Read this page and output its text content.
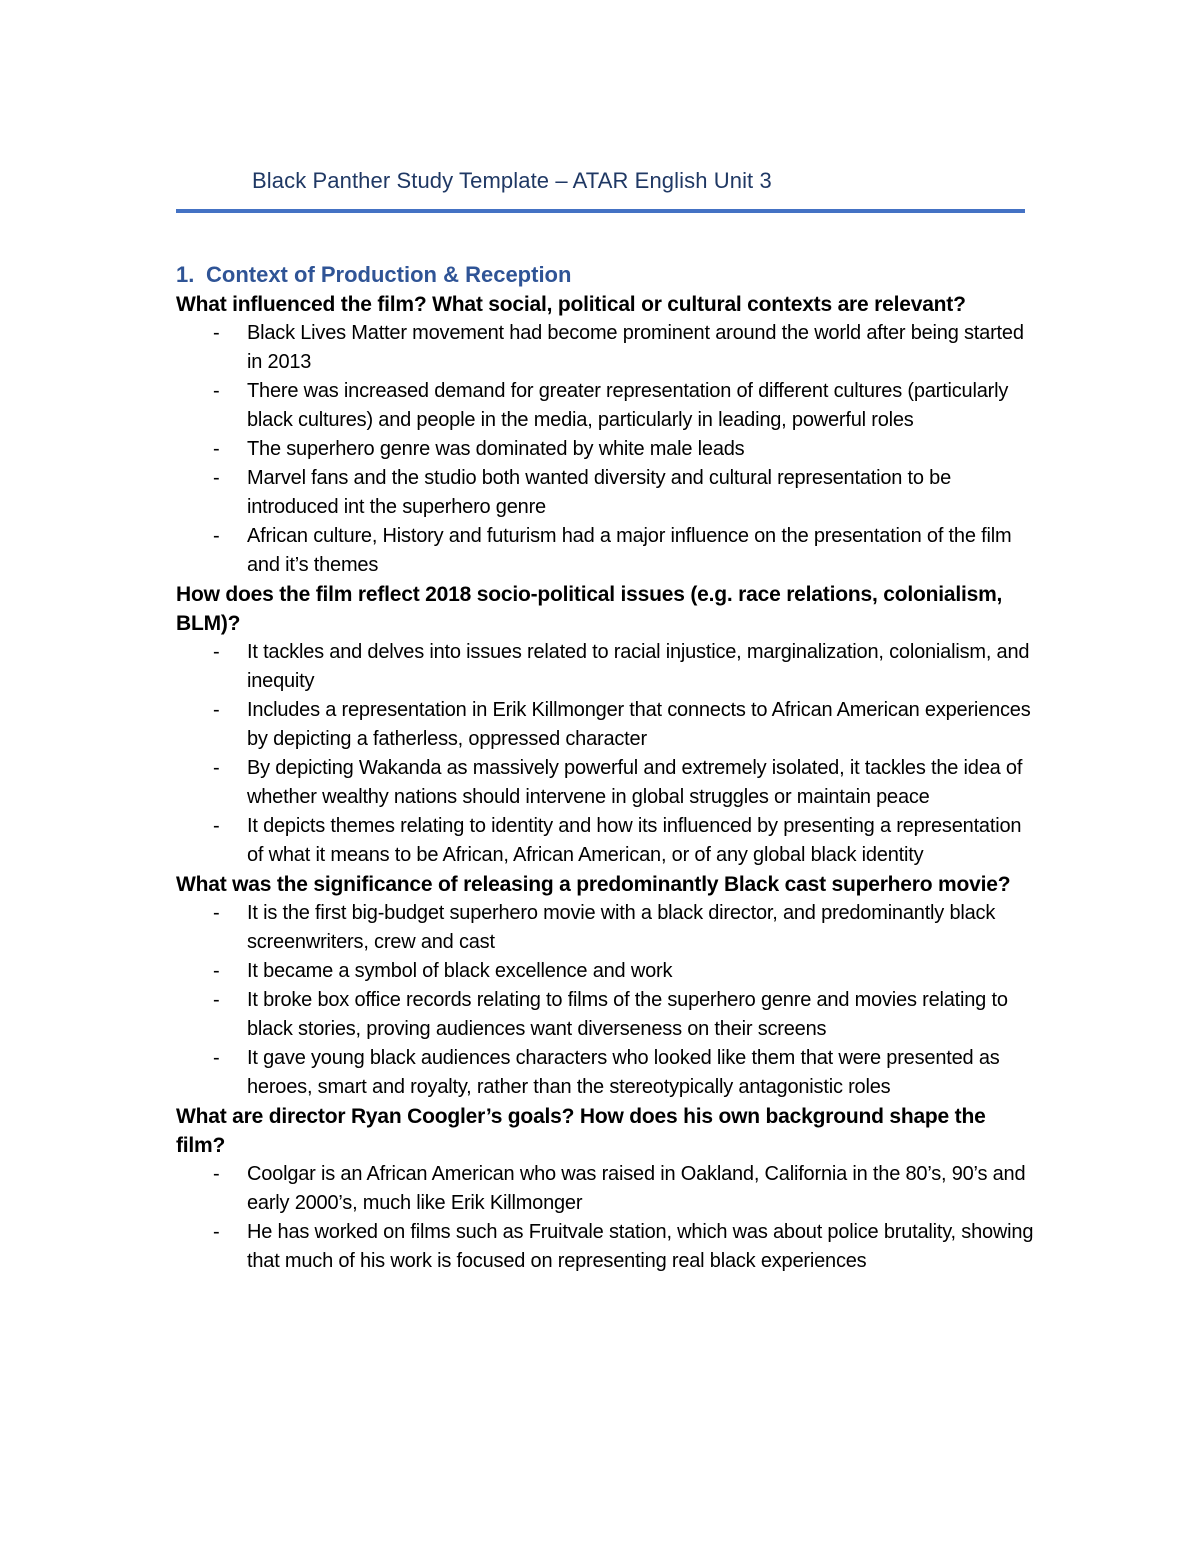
Black Panther Study Template – ATAR English Unit 3
1. Context of Production & Reception

What influenced the film? What social, political or cultural contexts are relevant?

- Black Lives Matter movement had become prominent around the world after being started in 2013
- There was increased demand for greater representation of different cultures (particularly black cultures) and people in the media, particularly in leading, powerful roles
- The superhero genre was dominated by white male leads
- Marvel fans and the studio both wanted diversity and cultural representation to be introduced int the superhero genre
- African culture, History and futurism had a major influence on the presentation of the film and it’s themes

How does the film reflect 2018 socio-political issues (e.g. race relations, colonialism, BLM)?

- It tackles and delves into issues related to racial injustice, marginalization, colonialism, and inequity
- Includes a representation in Erik Killmonger that connects to African American experiences by depicting a fatherless, oppressed character
- By depicting Wakanda as massively powerful and extremely isolated, it tackles the idea of whether wealthy nations should intervene in global struggles or maintain peace
- It depicts themes relating to identity and how its influenced by presenting a representation of what it means to be African, African American, or of any global black identity

What was the significance of releasing a predominantly Black cast superhero movie?

- It is the first big-budget superhero movie with a black director, and predominantly black screenwriters, crew and cast
- It became a symbol of black excellence and work
- It broke box office records relating to films of the superhero genre and movies relating to black stories, proving audiences want diverseness on their screens
- It gave young black audiences characters who looked like them that were presented as heroes, smart and royalty, rather than the stereotypically antagonistic roles

What are director Ryan Coogler’s goals? How does his own background shape the film?

- Coolgar is an African American who was raised in Oakland, California in the 80’s, 90’s and early 2000’s, much like Erik Killmonger
- He has worked on films such as Fruitvale station, which was about police brutality, showing that much of his work is focused on representing real black experiences
